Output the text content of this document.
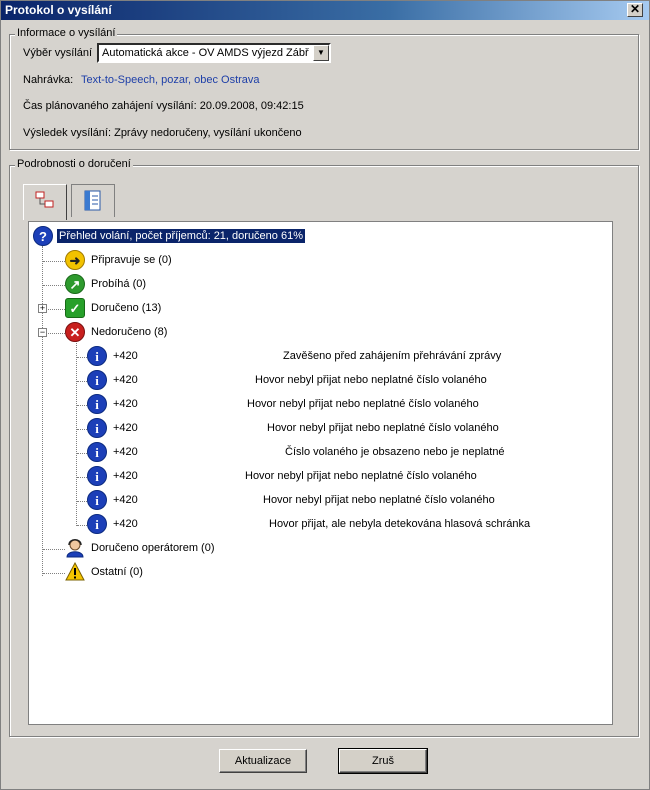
Protokol o vysílání	✕
Informace o vysílání
Výběr vysílání Automatická akce - OV AMDS výjezd Zábř	▼
Nahrávka: Text-to-Speech, pozar, obec Ostrava
Čas plánovaného zahájení vysílání: 20.09.2008, 09:42:15
Výsledek vysílání: Zprávy nedoručeny, vysílání ukončeno
Podrobnosti o doručení
?	Přehled volání, počet příjemců: 21, doručeno 61%
➜ Připravuje se (0)
↗ Probíhá (0)
+	✓ Doručeno (13)
−	✕ Nedoručeno (8)
i	+420	Zavěšeno před zahájením přehrávání zprávy
i	+420	Hovor nebyl přijat nebo neplatné číslo volaného
i	+420	Hovor nebyl přijat nebo neplatné číslo volaného
i	+420	Hovor nebyl přijat nebo neplatné číslo volaného
i	+420	Číslo volaného je obsazeno nebo je neplatné
i	+420	Hovor nebyl přijat nebo neplatné číslo volaného
i	+420	Hovor nebyl přijat nebo neplatné číslo volaného
i	+420	Hovor přijat, ale nebyla detekována hlasová schránka
Doručeno operátorem (0)
Ostatní (0)
Aktualizace	Zruš
